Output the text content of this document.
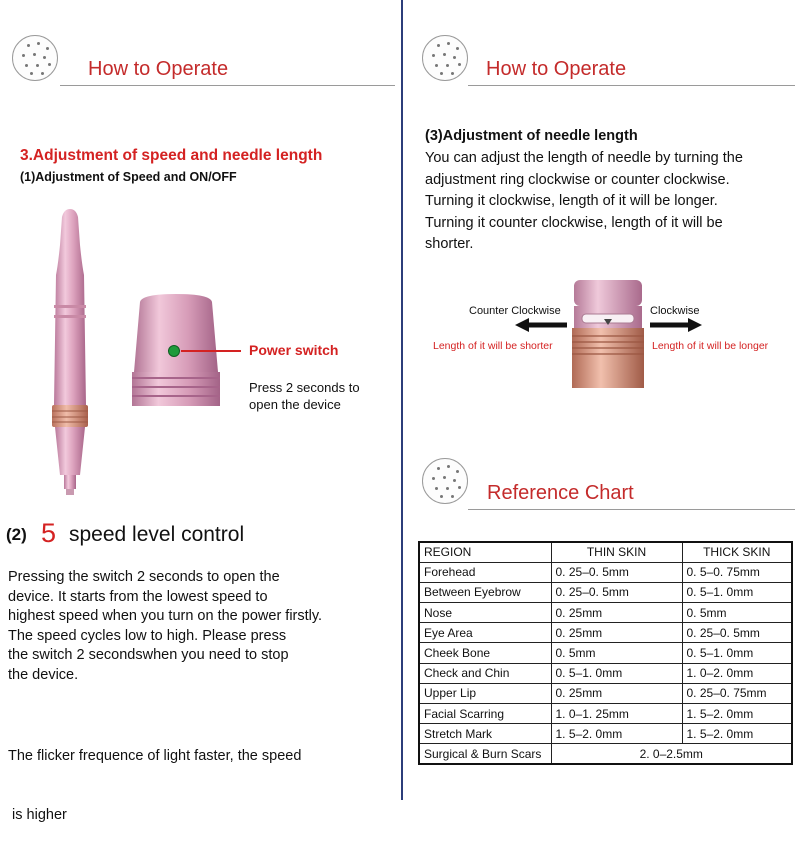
How to Operate
3.Adjustment of speed and needle length
(1)Adjustment of Speed and ON/OFF
Power switch
Press 2 seconds to
open the device
(2) 5 speed level control
Pressing the switch 2 seconds to open the
device. It starts from the lowest speed to
highest speed when you turn on the power firstly.
The speed cycles low to high. Please press
the switch 2 secondswhen you need to stop
the device.

The flicker frequence of light faster, the speed

is higher

How to Operate
(3)Adjustment of needle length
You can adjust the length of needle by turning the
adjustment ring clockwise or counter clockwise.
Turning it clockwise, length of it will be longer.
Turning it counter clockwise, length of it will be
shorter.
Counter Clockwise	Clockwise
Length of it will be shorter	Length of it will be longer
Reference Chart
REGION	THIN SKIN	THICK SKIN
Forehead	0. 25–0. 5mm	0. 5–0. 75mm
Between Eyebrow	0. 25–0. 5mm	0. 5–1. 0mm
Nose	0. 25mm	0. 5mm
Eye Area	0. 25mm	0. 25–0. 5mm
Cheek Bone	0. 5mm	0. 5–1. 0mm
Check and Chin	0. 5–1. 0mm	1. 0–2. 0mm
Upper Lip	0. 25mm	0. 25–0. 75mm
Facial Scarring	1. 0–1. 25mm	1. 5–2. 0mm
Stretch Mark	1. 5–2. 0mm	1. 5–2. 0mm
Surgical & Burn Scars	2. 0–2.5mm	
